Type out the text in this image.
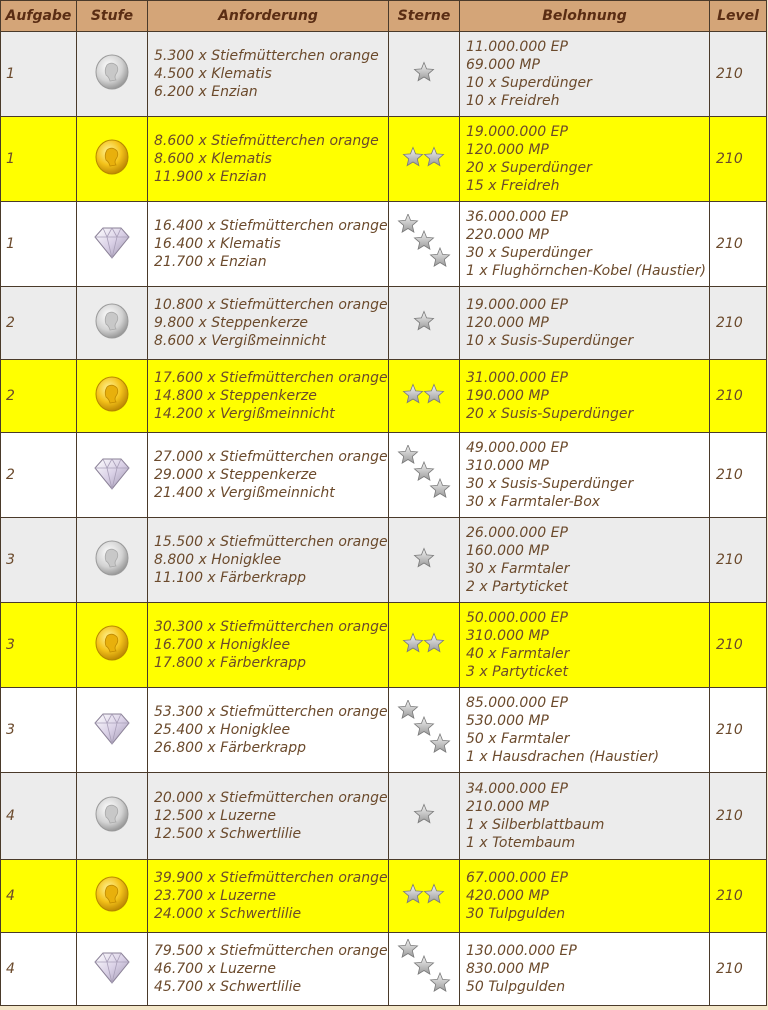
Aufgabe	Stufe	Anforderung	Sterne	Belohnung	Level
1		5.300 x Stiefmütterchen orange
4.500 x Klematis
6.200 x Enzian		11.000.000 EP
69.000 MP
10 x Superdünger
10 x Freidreh	210
1		8.600 x Stiefmütterchen orange
8.600 x Klematis
11.900 x Enzian		19.000.000 EP
120.000 MP
20 x Superdünger
15 x Freidreh	210
1		16.400 x Stiefmütterchen orange
16.400 x Klematis
21.700 x Enzian		36.000.000 EP
220.000 MP
30 x Superdünger
1 x Flughörnchen-Kobel (Haustier)	210
2		10.800 x Stiefmütterchen orange
9.800 x Steppenkerze
8.600 x Vergißmeinnicht		19.000.000 EP
120.000 MP
10 x Susis-Superdünger	210
2		17.600 x Stiefmütterchen orange
14.800 x Steppenkerze
14.200 x Vergißmeinnicht		31.000.000 EP
190.000 MP
20 x Susis-Superdünger	210
2		27.000 x Stiefmütterchen orange
29.000 x Steppenkerze
21.400 x Vergißmeinnicht		49.000.000 EP
310.000 MP
30 x Susis-Superdünger
30 x Farmtaler-Box	210
3		15.500 x Stiefmütterchen orange
8.800 x Honigklee
11.100 x Färberkrapp		26.000.000 EP
160.000 MP
30 x Farmtaler
2 x Partyticket	210
3		30.300 x Stiefmütterchen orange
16.700 x Honigklee
17.800 x Färberkrapp		50.000.000 EP
310.000 MP
40 x Farmtaler
3 x Partyticket	210
3		53.300 x Stiefmütterchen orange
25.400 x Honigklee
26.800 x Färberkrapp		85.000.000 EP
530.000 MP
50 x Farmtaler
1 x Hausdrachen (Haustier)	210
4		20.000 x Stiefmütterchen orange
12.500 x Luzerne
12.500 x Schwertlilie		34.000.000 EP
210.000 MP
1 x Silberblattbaum
1 x Totembaum	210
4		39.900 x Stiefmütterchen orange
23.700 x Luzerne
24.000 x Schwertlilie		67.000.000 EP
420.000 MP
30 Tulpgulden	210
4		79.500 x Stiefmütterchen orange
46.700 x Luzerne
45.700 x Schwertlilie		130.000.000 EP
830.000 MP
50 Tulpgulden	210
